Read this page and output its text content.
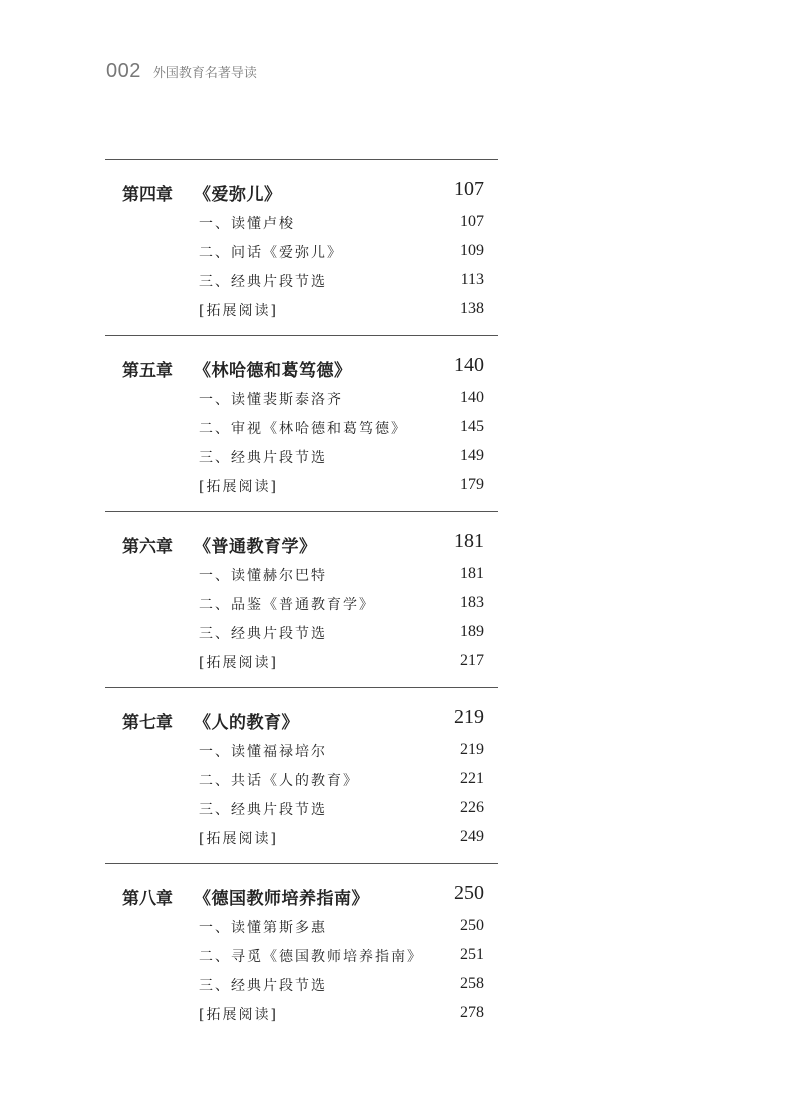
002 外国教育名著导读
第四章 《爱弥儿》	107
一、读懂卢梭	107
二、问话《爱弥儿》	109
三、经典片段节选	113
[拓展阅读]	138
第五章 《林哈德和葛笃德》	140
一、读懂裴斯泰洛齐	140
二、审视《林哈德和葛笃德》	145
三、经典片段节选	149
[拓展阅读]	179
第六章 《普通教育学》	181
一、读懂赫尔巴特	181
二、品鉴《普通教育学》	183
三、经典片段节选	189
[拓展阅读]	217
第七章 《人的教育》	219
一、读懂福禄培尔	219
二、共话《人的教育》	221
三、经典片段节选	226
[拓展阅读]	249
第八章 《德国教师培养指南》	250
一、读懂第斯多惠	250
二、寻觅《德国教师培养指南》 251
三、经典片段节选	258
[拓展阅读]	278
